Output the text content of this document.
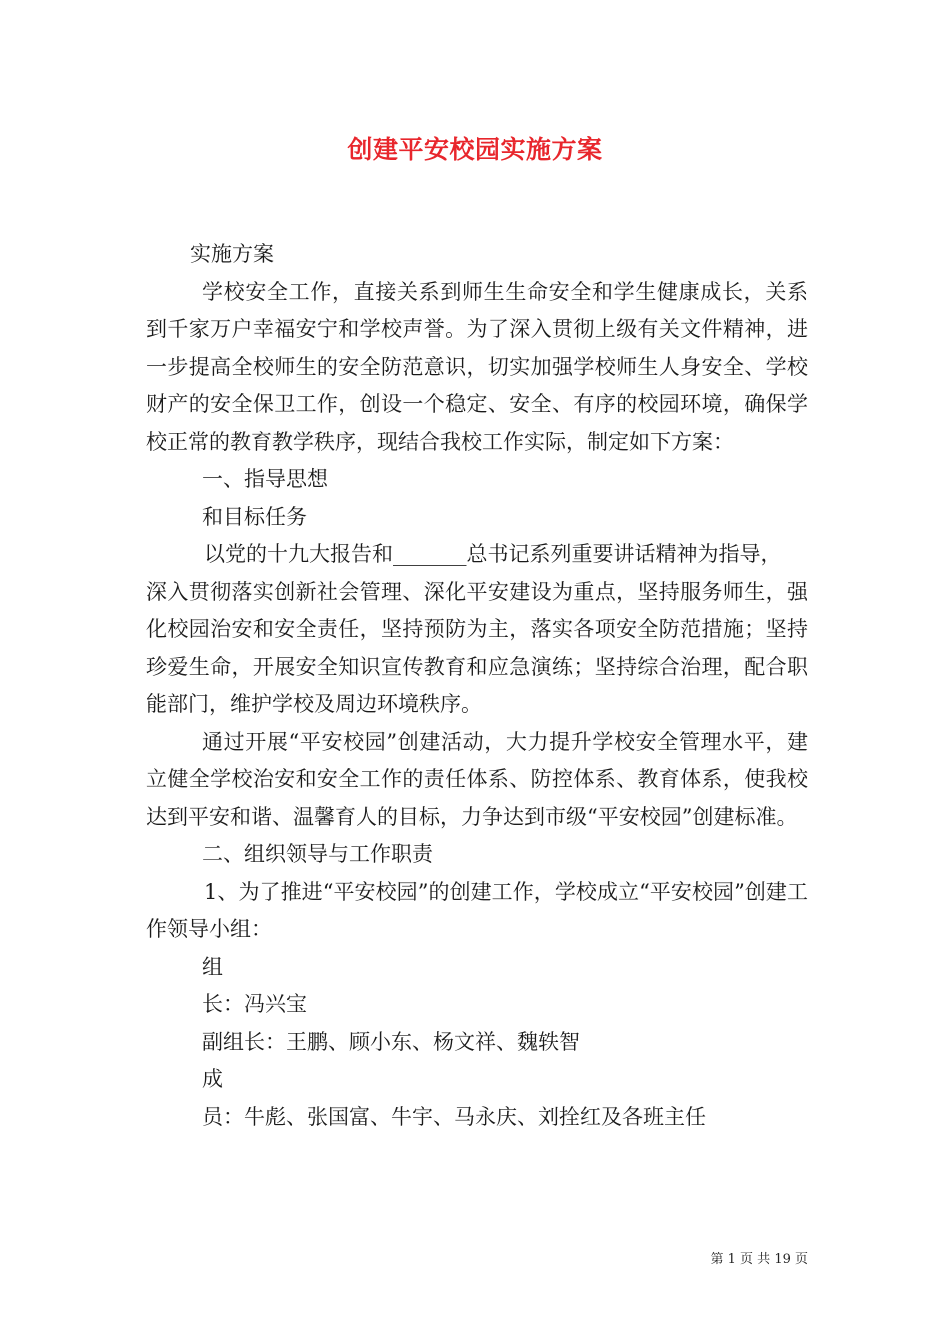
创建平安校园实施方案

实施方案

学校安全工作，直接关系到师生生命安全和学生健康成长，关系到千家万户幸福安宁和学校声誉。为了深入贯彻上级有关文件精神，进一步提高全校师生的安全防范意识，切实加强学校师生人身安全、学校财产的安全保卫工作，创设一个稳定、安全、有序的校园环境，确保学校正常的教育教学秩序，现结合我校工作实际，制定如下方案：

一、指导思想

和目标任务

以党的十九大报告和_______总书记系列重要讲话精神为指导，

深入贯彻落实创新社会管理、深化平安建设为重点，坚持服务师生，强化校园治安和安全责任，坚持预防为主，落实各项安全防范措施；坚持珍爱生命，开展安全知识宣传教育和应急演练；坚持综合治理，配合职能部门，维护学校及周边环境秩序。

通过开展“平安校园”创建活动，大力提升学校安全管理水平，建立健全学校治安和安全工作的责任体系、防控体系、教育体系，使我校达到平安和谐、温馨育人的目标，力争达到市级“平安校园”创建标准。

二、组织领导与工作职责

1、为了推进“平安校园”的创建工作，学校成立“平安校园”创建工作领导小组：

组

长：冯兴宝

副组长：王鹏、顾小东、杨文祥、魏轶智

成

员：牛彪、张国富、牛宇、马永庆、刘拴红及各班主任

第 1 页 共 19 页
